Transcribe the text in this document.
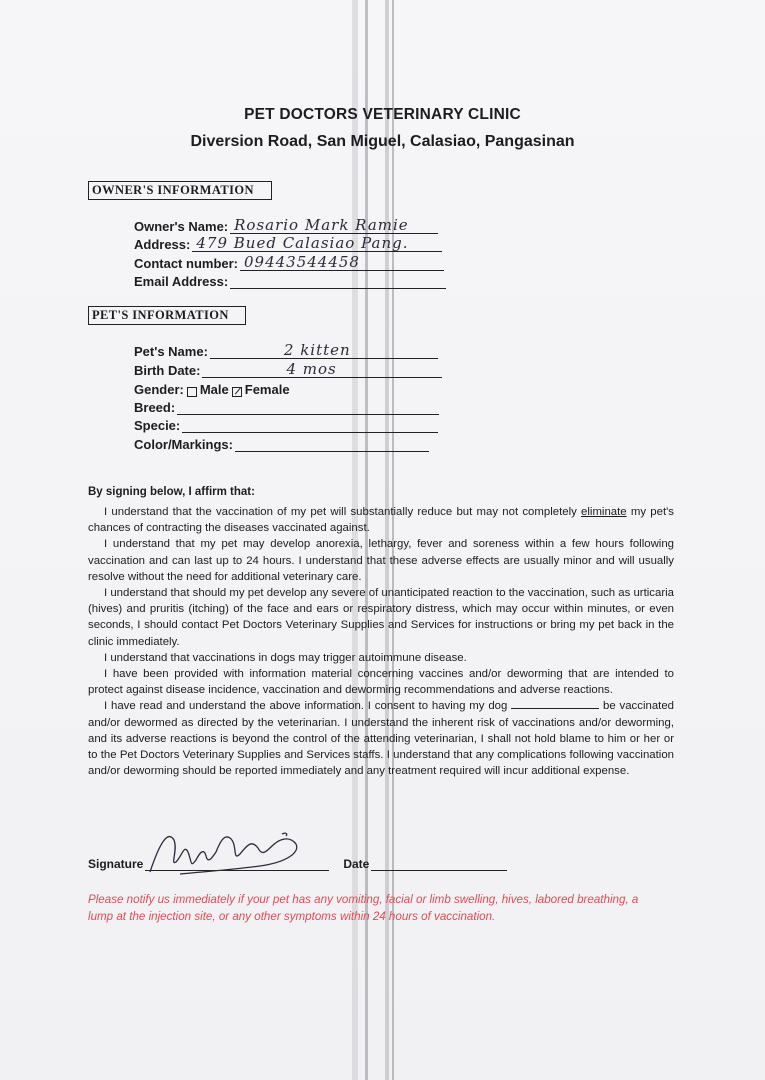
PET DOCTORS VETERINARY CLINIC
Diversion Road, San Miguel, Calasiao, Pangasinan
OWNER'S INFORMATION
Owner's Name: Rosario Mark Ramie
Address: 479 Bued Calasiao Pang.
Contact number: 09443544458
Email Address:
PET'S INFORMATION
Pet's Name:	2 kitten
Birth Date:	4 mos
Gender: Male Female
Breed:
Specie:
Color/Markings:
By signing below, I affirm that:

I understand that the vaccination of my pet will substantially reduce but may not completely eliminate my pet's chances of contracting the diseases vaccinated against.

I understand that my pet may develop anorexia, lethargy, fever and soreness within a few hours following vaccination and can last up to 24 hours. I understand that these adverse effects are usually minor and will usually resolve without the need for additional veterinary care.

I understand that should my pet develop any severe of unanticipated reaction to the vaccination, such as urticaria (hives) and pruritis (itching) of the face and ears or respiratory distress, which may occur within minutes, or even seconds, I should contact Pet Doctors Veterinary Supplies and Services for instructions or bring my pet back in the clinic immediately.

I understand that vaccinations in dogs may trigger autoimmune disease.

I have been provided with information material concerning vaccines and/or deworming that are intended to protect against disease incidence, vaccination and deworming recommendations and adverse reactions.

I have read and understand the above information. I consent to having my dog	be vaccinated and/or dewormed as directed by the veterinarian. I understand the inherent risk of vaccinations and/or deworming, and its adverse reactions is beyond the control of the attending veterinarian, I shall not hold blame to him or her or to the Pet Doctors Veterinary Supplies and Services staffs. I understand that any complications following vaccination and/or deworming should be reported immediately and any treatment required will incur additional expense.

Signature	Date
Please notify us immediately if your pet has any vomiting, facial or limb swelling, hives, labored breathing, a lump at the injection site, or any other symptoms within 24 hours of vaccination.
